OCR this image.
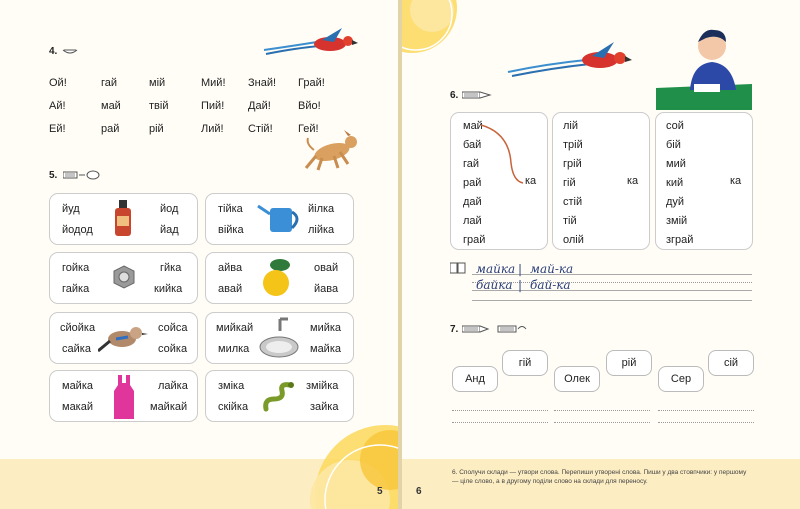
5
4.
Ой!	гай	мій	Мий! Знай! Грай!
Ай!	май	твій	Пий! Дай! Вйо!
Ей!	рай	рій	Лий! Стій! Гей!
5.
йуд	йод
йодод	йад
тійка	йілка
війка	лійка
гойка	гйка
гайка	кийка
айва	овай
авай	йава
сйойка	сойса
сайка	сойка
мийкай	мийка
милка	майка
майка	лайка
макай	майкай
зміка	змійка
скійка	зайка
6
6. Сполучи склади — утвори слова. Перепиши утворені слова. Пиши у два стовпчики: у першому — ціле слово, а в другому поділи слово на склади для переносу.
6.
май
бай
гай
рай
дай
лай
грай
ка
лій
трій
грій
гій
стій
тій
олій
ка
сой
бій
мий
кий
дуй
змій
зграй
ка
майка | май-ка
байка | бай-ка
7.
Анд
гій
Олек
рій
Сер
сій
